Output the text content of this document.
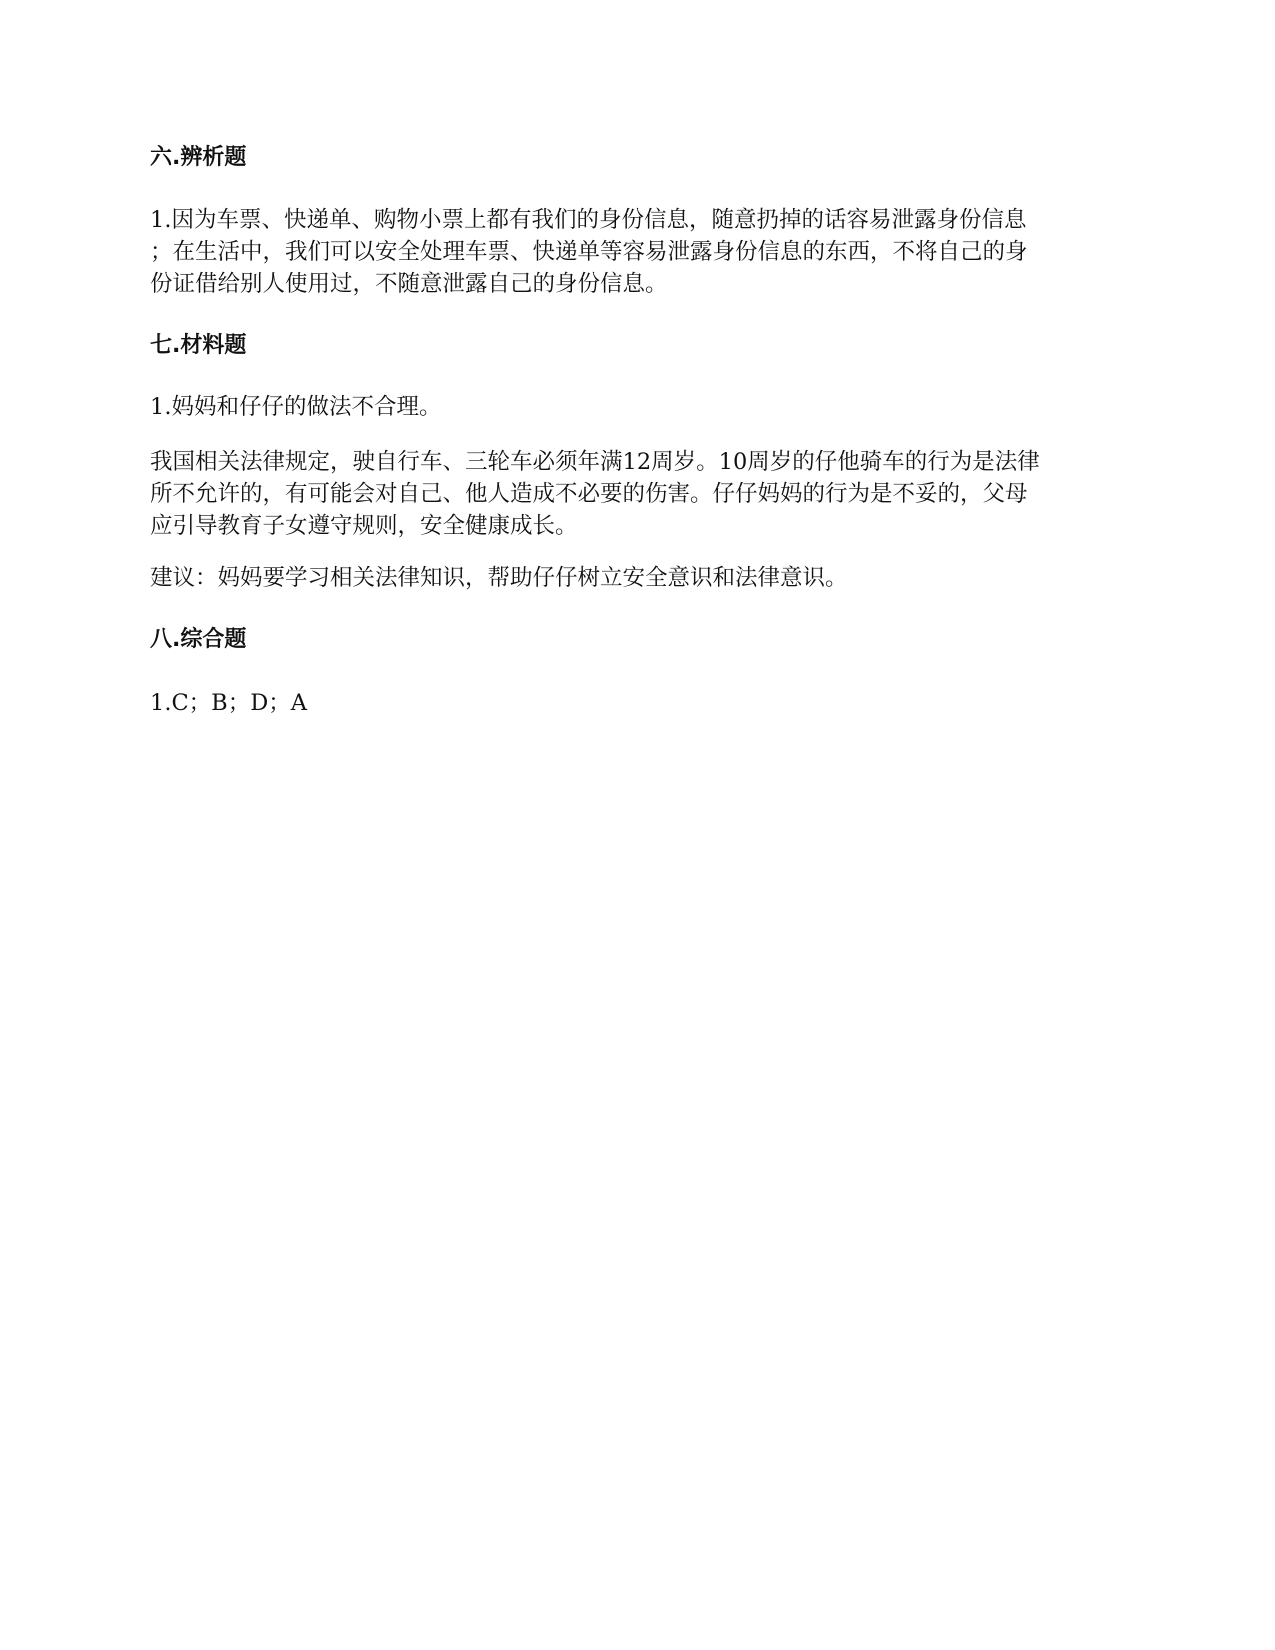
六.辨析题
1.因为车票、快递单、购物小票上都有我们的身份信息，随意扔掉的话容易泄露身份信息
；在生活中，我们可以安全处理车票、快递单等容易泄露身份信息的东西，不将自己的身
份证借给别人使用过，不随意泄露自己的身份信息。
七.材料题
1.妈妈和仔仔的做法不合理。
我国相关法律规定，驶自行车、三轮车必须年满12周岁。10周岁的仔他骑车的行为是法律
所不允许的，有可能会对自己、他人造成不必要的伤害。仔仔妈妈的行为是不妥的，父母
应引导教育子女遵守规则，安全健康成长。
建议：妈妈要学习相关法律知识，帮助仔仔树立安全意识和法律意识。
八.综合题
1.C；B；D；A
